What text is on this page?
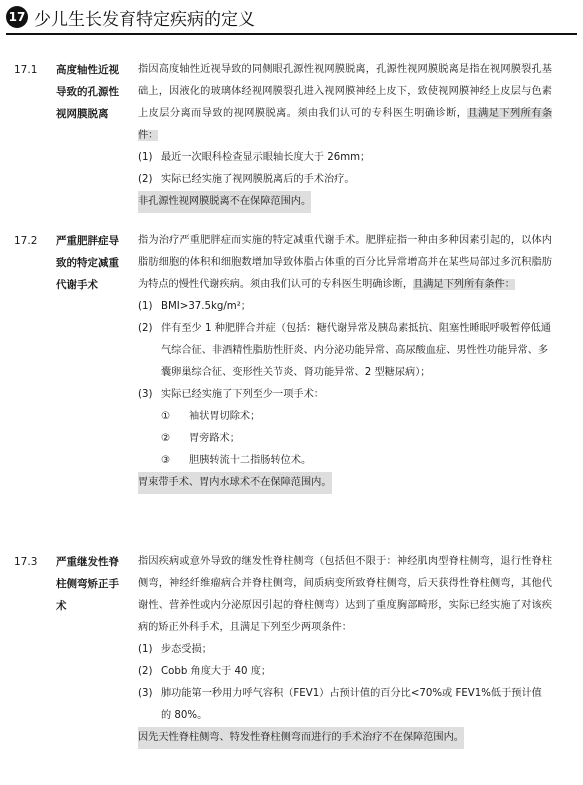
17 少儿生长发育特定疾病的定义
17.1 高度轴性近视导致的孔源性视网膜脱离

指因高度轴性近视导致的同侧眼孔源性视网膜脱离，孔源性视网膜脱离是指在视网膜裂孔基础上，因液化的玻璃体经视网膜裂孔进入视网膜神经上皮下，致使视网膜神经上皮层与色素上皮层分离而导致的视网膜脱离。须由我们认可的专科医生明确诊断，且满足下列所有条件：

(1) 最近一次眼科检查显示眼轴长度大于 26mm；
(2) 实际已经实施了视网膜脱离后的手术治疗。
非孔源性视网膜脱离不在保障范围内。
17.2 严重肥胖症导致的特定减重代谢手术

指为治疗严重肥胖症而实施的特定减重代谢手术。肥胖症指一种由多种因素引起的，以体内脂肪细胞的体积和细胞数增加导致体脂占体重的百分比异常增高并在某些局部过多沉积脂肪为特点的慢性代谢疾病。须由我们认可的专科医生明确诊断，且满足下列所有条件：

(1) BMI>37.5kg/m²；
(2) 伴有至少 1 种肥胖合并症（包括：糖代谢异常及胰岛素抵抗、阻塞性睡眠呼吸暂停低通气综合征、非酒精性脂肪性肝炎、内分泌功能异常、高尿酸血症、男性性功能异常、多囊卵巢综合征、变形性关节炎、肾功能异常、2 型糖尿病）；
(3) 实际已经实施了下列至少一项手术：
①	袖状胃切除术；
②	胃旁路术；
③	胆胰转流十二指肠转位术。
胃束带手术、胃内水球术不在保障范围内。
17.3 严重继发性脊柱侧弯矫正手术

指因疾病或意外导致的继发性脊柱侧弯（包括但不限于：神经肌肉型脊柱侧弯，退行性脊柱侧弯，神经纤维瘤病合并脊柱侧弯，间质病变所致脊柱侧弯，后天获得性脊柱侧弯，其他代谢性、营养性或内分泌原因引起的脊柱侧弯）达到了重度胸部畸形，实际已经实施了对该疾病的矫正外科手术，且满足下列至少两项条件：

(1) 步态受损；
(2) Cobb 角度大于 40 度；
(3) 肺功能第一秒用力呼气容积（FEV1）占预计值的百分比<70%或 FEV1%低于预计值的 80%。
因先天性脊柱侧弯、特发性脊柱侧弯而进行的手术治疗不在保障范围内。
